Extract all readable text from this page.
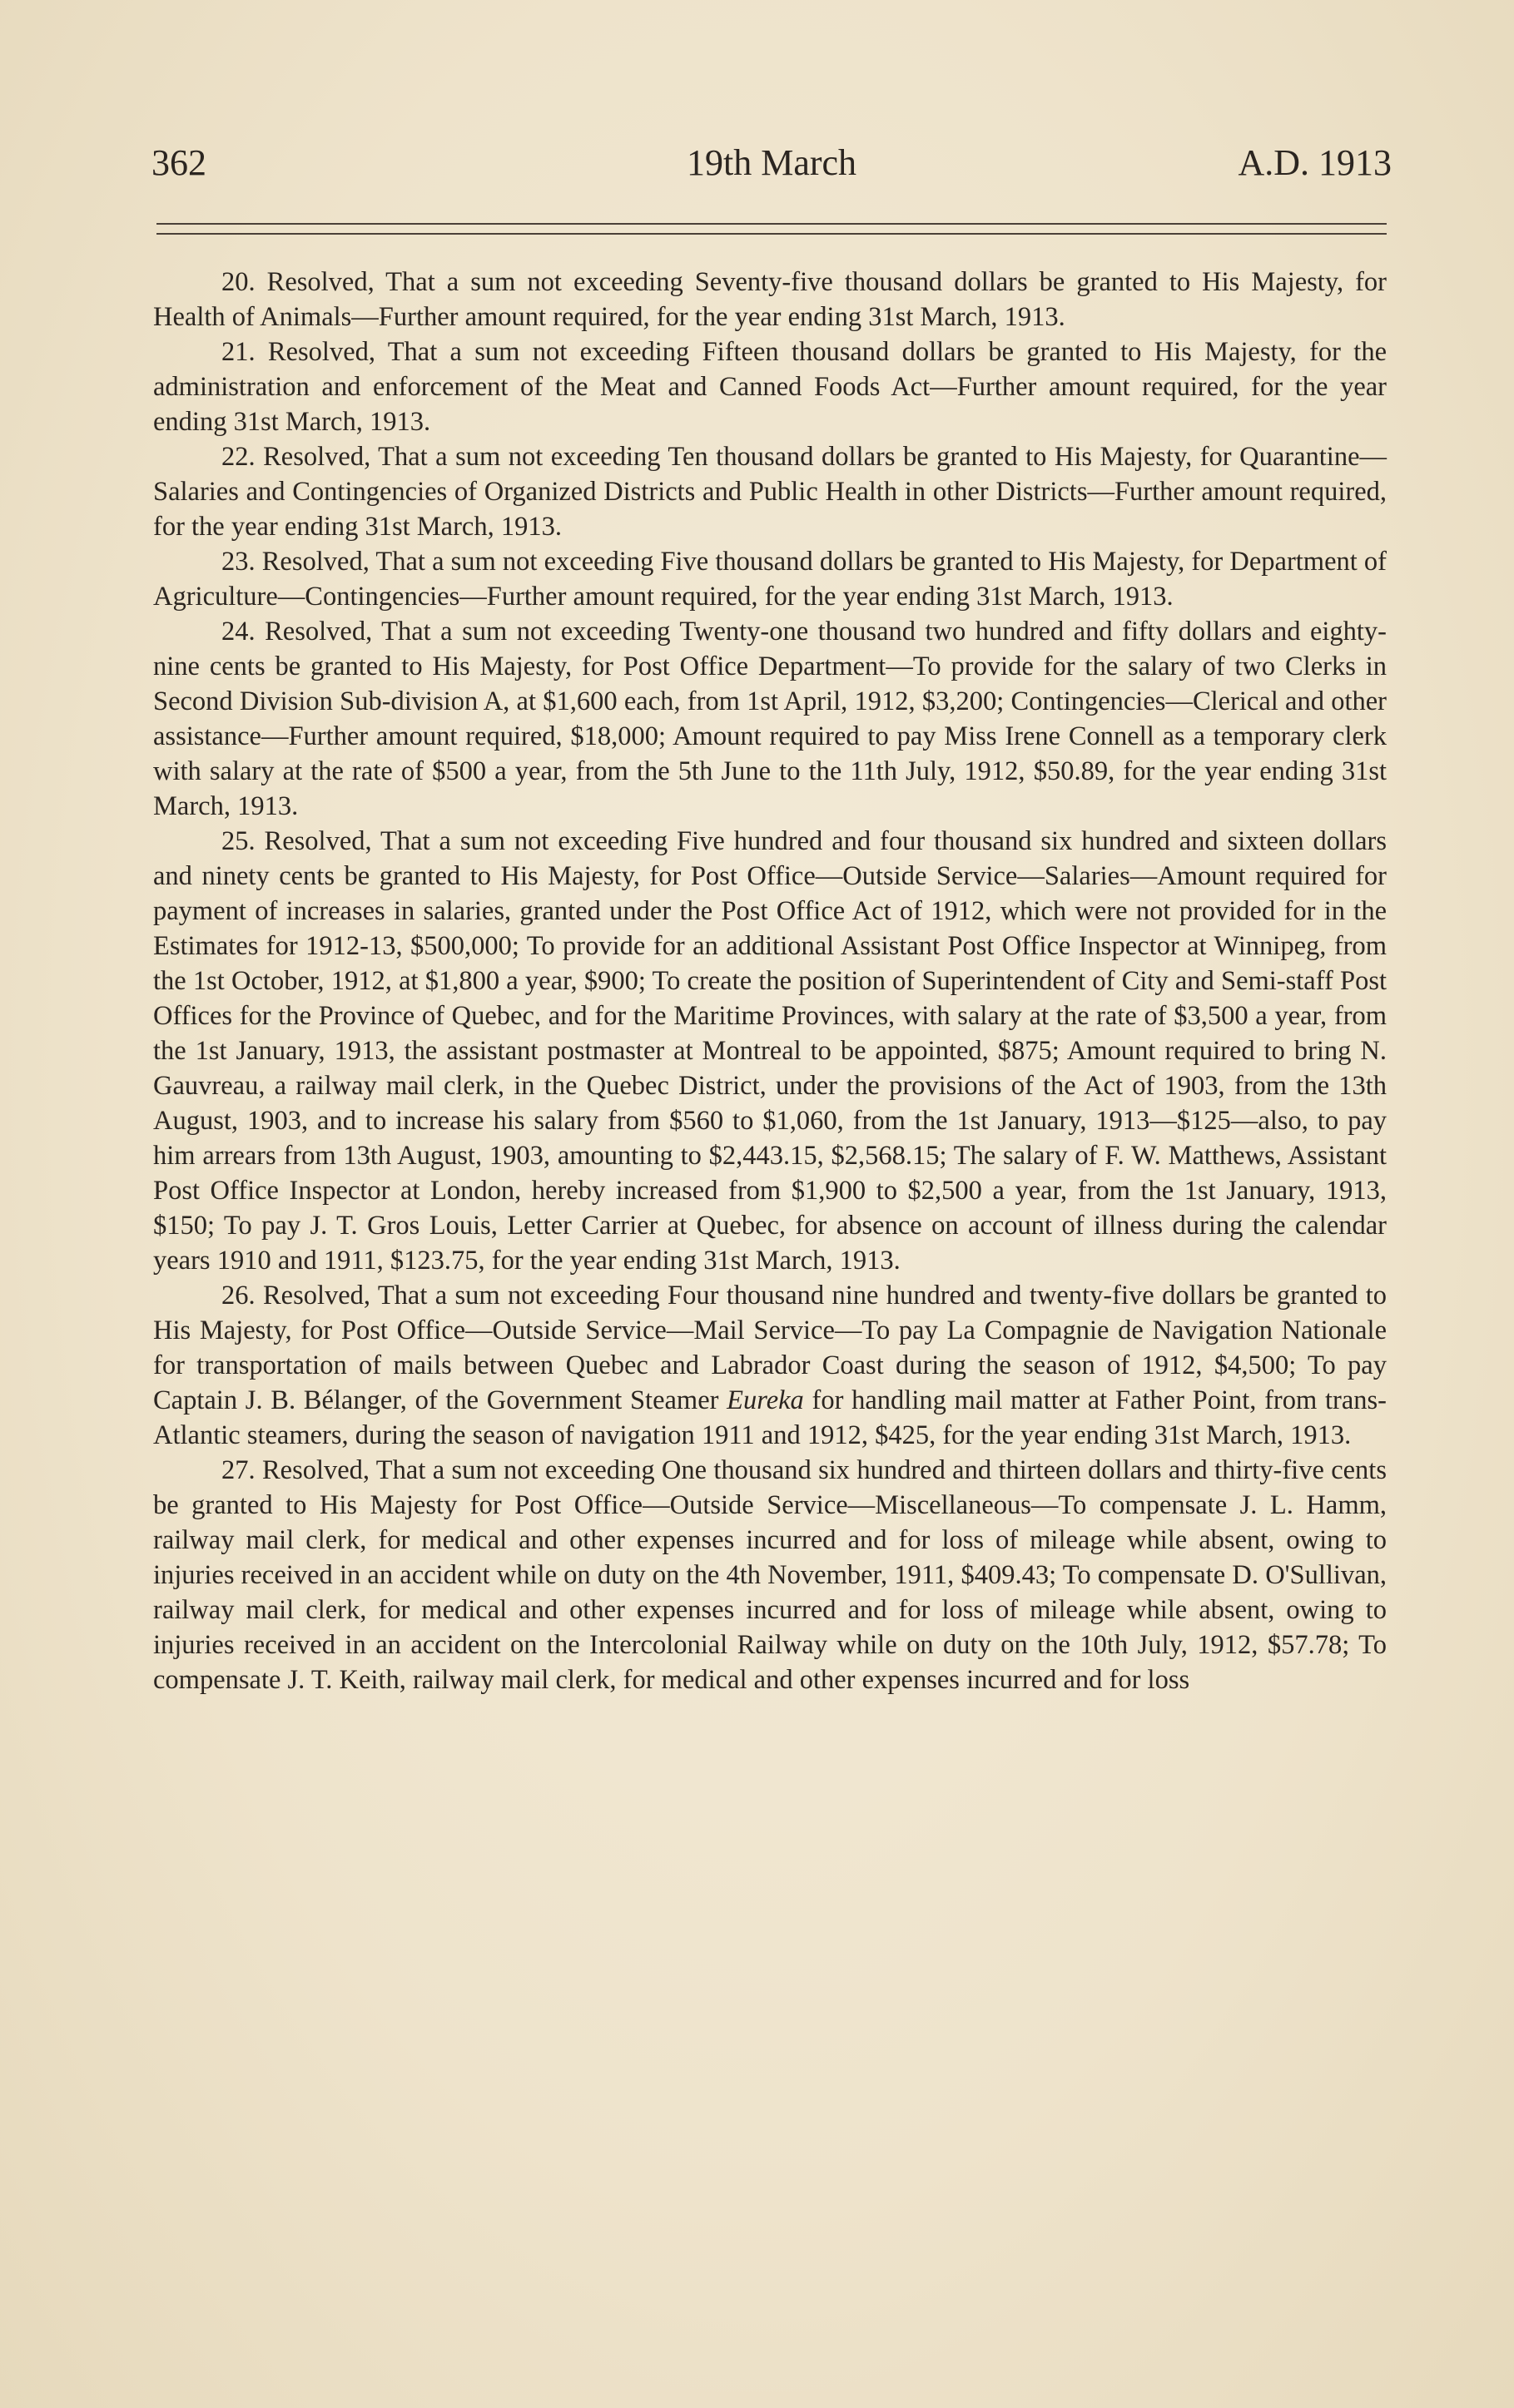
362	19th March	A.D. 1913

20. Resolved, That a sum not exceeding Seventy-five thousand dollars be granted to His Majesty, for Health of Animals—Further amount required, for the year ending 31st March, 1913.

21. Resolved, That a sum not exceeding Fifteen thousand dollars be granted to His Majesty, for the administration and enforcement of the Meat and Canned Foods Act—Further amount required, for the year ending 31st March, 1913.

22. Resolved, That a sum not exceeding Ten thousand dollars be granted to His Majesty, for Quarantine—Salaries and Contingencies of Organized Districts and Public Health in other Districts—Further amount required, for the year ending 31st March, 1913.

23. Resolved, That a sum not exceeding Five thousand dollars be granted to His Majesty, for Department of Agriculture—Contingencies—Further amount required, for the year ending 31st March, 1913.

24. Resolved, That a sum not exceeding Twenty-one thousand two hundred and fifty dollars and eighty-nine cents be granted to His Majesty, for Post Office Department—To provide for the salary of two Clerks in Second Division Sub-division A, at $1,600 each, from 1st April, 1912, $3,200; Contingencies—Clerical and other assistance—Further amount required, $18,000; Amount required to pay Miss Irene Connell as a temporary clerk with salary at the rate of $500 a year, from the 5th June to the 11th July, 1912, $50.89, for the year ending 31st March, 1913.

25. Resolved, That a sum not exceeding Five hundred and four thousand six hundred and sixteen dollars and ninety cents be granted to His Majesty, for Post Office—Outside Service—Salaries—Amount required for payment of increases in salaries, granted under the Post Office Act of 1912, which were not provided for in the Estimates for 1912-13, $500,000; To provide for an additional Assistant Post Office Inspector at Winnipeg, from the 1st October, 1912, at $1,800 a year, $900; To create the position of Superintendent of City and Semi-staff Post Offices for the Province of Quebec, and for the Maritime Provinces, with salary at the rate of $3,500 a year, from the 1st January, 1913, the assistant postmaster at Montreal to be appointed, $875; Amount required to bring N. Gauvreau, a railway mail clerk, in the Quebec District, under the provisions of the Act of 1903, from the 13th August, 1903, and to increase his salary from $560 to $1,060, from the 1st January, 1913—$125—also, to pay him arrears from 13th August, 1903, amounting to $2,443.15, $2,568.15; The salary of F. W. Matthews, Assistant Post Office Inspector at London, hereby increased from $1,900 to $2,500 a year, from the 1st January, 1913, $150; To pay J. T. Gros Louis, Letter Carrier at Quebec, for absence on account of illness during the calendar years 1910 and 1911, $123.75, for the year ending 31st March, 1913.

26. Resolved, That a sum not exceeding Four thousand nine hundred and twenty-five dollars be granted to His Majesty, for Post Office—Outside Service—Mail Service—To pay La Compagnie de Navigation Nationale for transportation of mails between Quebec and Labrador Coast during the season of 1912, $4,500; To pay Captain J. B. Bélanger, of the Government Steamer Eureka for handling mail matter at Father Point, from trans-Atlantic steamers, during the season of navigation 1911 and 1912, $425, for the year ending 31st March, 1913.

27. Resolved, That a sum not exceeding One thousand six hundred and thirteen dollars and thirty-five cents be granted to His Majesty for Post Office—Outside Service—Miscellaneous—To compensate J. L. Hamm, railway mail clerk, for medical and other expenses incurred and for loss of mileage while absent, owing to injuries received in an accident while on duty on the 4th November, 1911, $409.43; To compensate D. O'Sullivan, railway mail clerk, for medical and other expenses incurred and for loss of mileage while absent, owing to injuries received in an accident on the Intercolonial Railway while on duty on the 10th July, 1912, $57.78; To compensate J. T. Keith, railway mail clerk, for medical and other expenses incurred and for loss
